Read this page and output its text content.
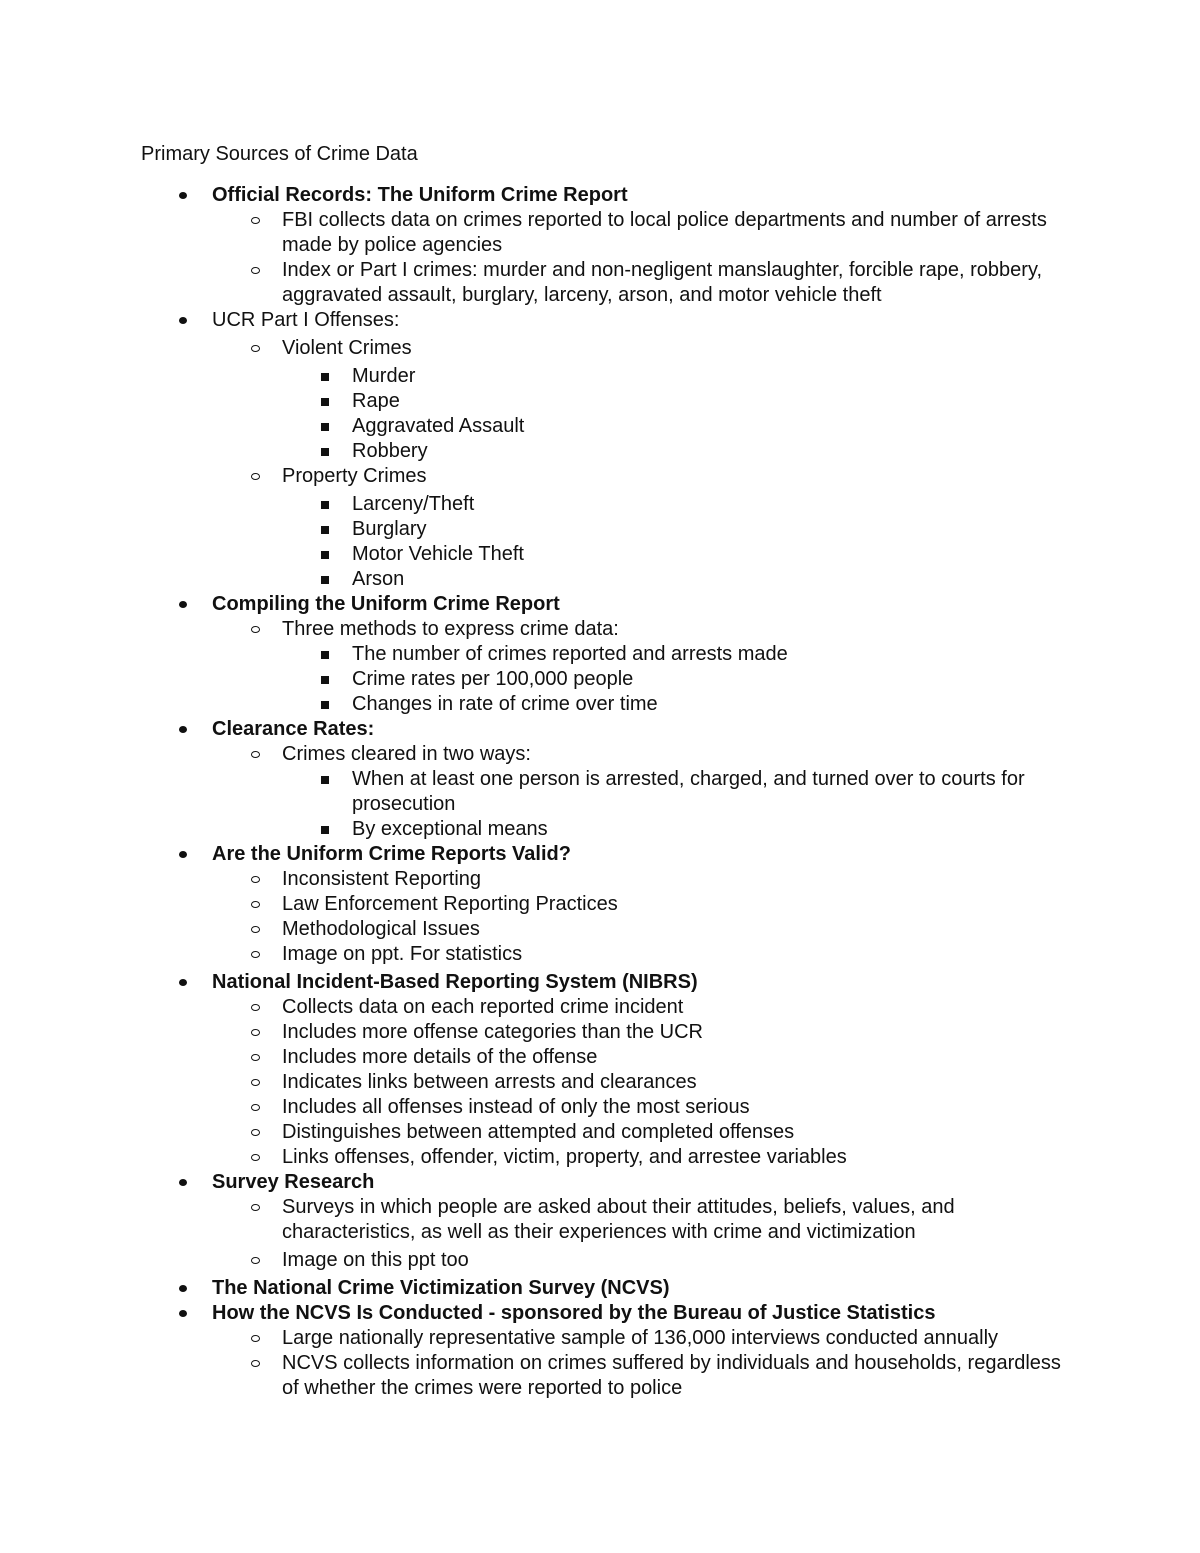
Primary Sources of Crime Data
Official Records: The Uniform Crime Report
FBI collects data on crimes reported to local police departments and number of arrests made by police agencies
Index or Part I crimes: murder and non-negligent manslaughter, forcible rape, robbery, aggravated assault, burglary, larceny, arson, and motor vehicle theft
UCR Part I Offenses:
Violent Crimes
Murder
Rape
Aggravated Assault
Robbery
Property Crimes
Larceny/Theft
Burglary
Motor Vehicle Theft
Arson
Compiling the Uniform Crime Report
Three methods to express crime data:
The number of crimes reported and arrests made
Crime rates per 100,000 people
Changes in rate of crime over time
Clearance Rates:
Crimes cleared in two ways:
When at least one person is arrested, charged, and turned over to courts for prosecution
By exceptional means
Are the Uniform Crime Reports Valid?
Inconsistent Reporting
Law Enforcement Reporting Practices
Methodological Issues
Image on ppt. For statistics
National Incident-Based Reporting System (NIBRS)
Collects data on each reported crime incident
Includes more offense categories than the UCR
Includes more details of the offense
Indicates links between arrests and clearances
Includes all offenses instead of only the most serious
Distinguishes between attempted and completed offenses
Links offenses, offender, victim, property, and arrestee variables
Survey Research
Surveys in which people are asked about their attitudes, beliefs, values, and characteristics, as well as their experiences with crime and victimization
Image on this ppt too
The National Crime Victimization Survey (NCVS)
How the NCVS Is Conducted - sponsored by the Bureau of Justice Statistics
Large nationally representative sample of 136,000 interviews conducted annually
NCVS collects information on crimes suffered by individuals and households, regardless of whether the crimes were reported to police
